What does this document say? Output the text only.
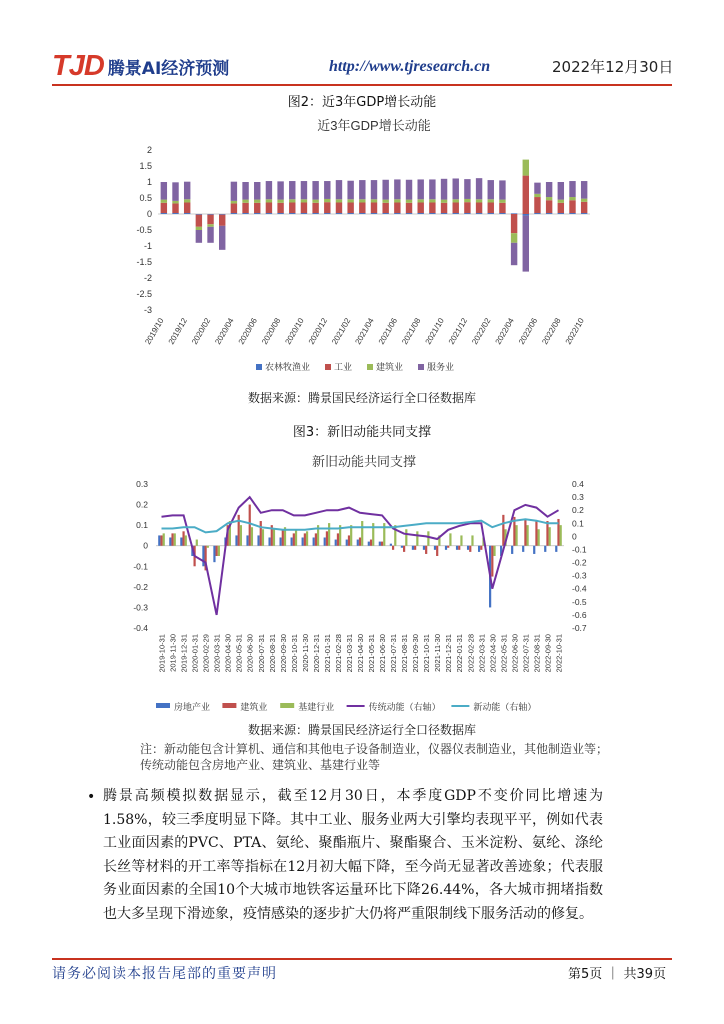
TJD 腾景AI经济预测	http://www.tjresearch.cn	2022年12月30日
图2：近3年GDP增长动能
近3年GDP增长动能
2
1.5
1
0.5
0
-0.5
-1
-1.5
-2
-2.5
-3
2019/10 2019/12 2020/02 2020/04 2020/06 2020/08 2020/10 2020/12 2021/02 2021/04 2021/06 2021/08 2021/10 2021/12 2022/02 2022/04 2022/06 2022/08 2022/10
农林牧渔业	工业	建筑业	服务业
数据来源：腾景国民经济运行全口径数据库
图3：新旧动能共同支撑
新旧动能共同支撑
0.3
0.2
0.1
0
-0.1
-0.2
-0.3
-0.4
0.4
0.3
0.2
0.1
0
-0.1
-0.2
-0.3
-0.4
-0.5
-0.6
-0.7
2019-10-31 2019-11-30 2019-12-31 2020-01-31 2020-02-29 2020-03-31 2020-04-30 2020-05-31 2020-06-30 2020-07-31 2020-08-31 2020-09-30 2020-10-31 2020-11-30 2020-12-31 2021-01-31 2021-02-28 2021-03-31 2021-04-30 2021-05-31 2021-06-30 2021-07-31 2021-08-31 2021-09-30 2021-10-31 2021-11-30 2021-12-31 2022-01-31 2022-02-28 2022-03-31 2022-04-30 2022-05-31 2022-06-30 2022-07-31 2022-08-31 2022-09-30 2022-10-31
房地产业	建筑业	基建行业	传统动能（右轴）	新动能（右轴）
数据来源：腾景国民经济运行全口径数据库
注：新动能包含计算机、通信和其他电子设备制造业，仪器仪表制造业，其他制造业等；传统动能包含房地产业、建筑业、基建行业等
• 腾景高频模拟数据显示，截至12月30日，本季度GDP不变价同比增速为1.58%，较三季度明显下降。其中工业、服务业两大引擎均表现平平，例如代表工业面因素的PVC、PTA、氨纶、聚酯瓶片、聚酯聚合、玉米淀粉、氨纶、涤纶长丝等材料的开工率等指标在12月初大幅下降，至今尚无显著改善迹象；代表服务业面因素的全国10个大城市地铁客运量环比下降26.44%，各大城市拥堵指数也大多呈现下滑迹象，疫情感染的逐步扩大仍将严重限制线下服务活动的修复。
请务必阅读本报告尾部的重要声明	第5页 ｜ 共39页
